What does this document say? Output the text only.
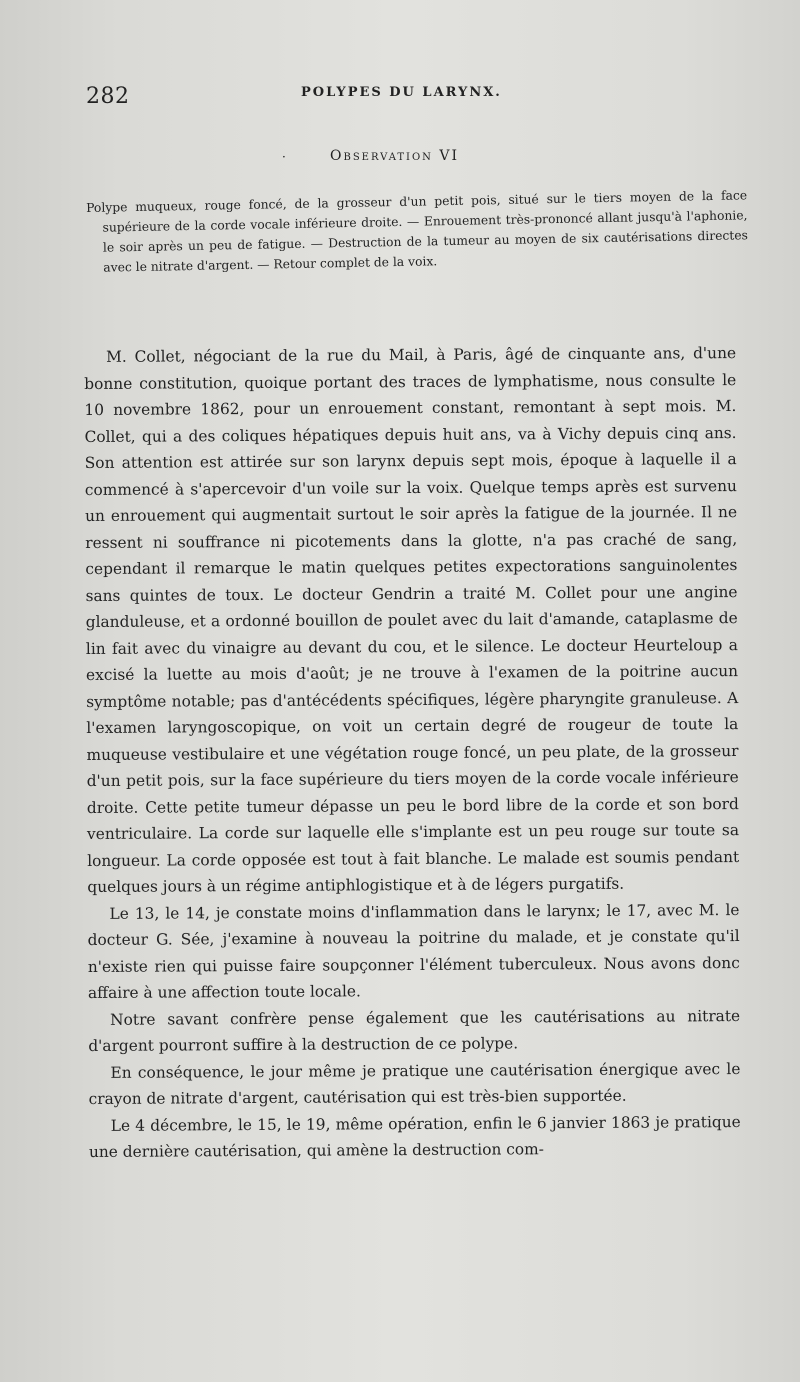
282	POLYPES DU LARYNX.
·	Observation VI
Polype muqueux, rouge foncé, de la grosseur d'un petit pois, situé sur le tiers moyen de la face supérieure de la corde vocale inférieure droite. — Enrouement très-prononcé allant jusqu'à l'aphonie, le soir après un peu de fatigue. — Destruction de la tumeur au moyen de six cautérisations directes avec le nitrate d'argent. — Retour complet de la voix.

M. Collet, négociant de la rue du Mail, à Paris, âgé de cinquante ans, d'une bonne constitution, quoique portant des traces de lymphatisme, nous consulte le 10 novembre 1862, pour un enrouement constant, remontant à sept mois. M. Collet, qui a des coliques hépatiques depuis huit ans, va à Vichy depuis cinq ans. Son attention est attirée sur son larynx depuis sept mois, époque à laquelle il a commencé à s'apercevoir d'un voile sur la voix. Quelque temps après est survenu un enrouement qui augmentait surtout le soir après la fatigue de la journée. Il ne ressent ni souffrance ni picotements dans la glotte, n'a pas craché de sang, cependant il remarque le matin quelques petites expectorations sanguinolentes sans quintes de toux. Le docteur Gendrin a traité M. Collet pour une angine glanduleuse, et a ordonné bouillon de poulet avec du lait d'amande, cataplasme de lin fait avec du vinaigre au devant du cou, et le silence. Le docteur Heurteloup a excisé la luette au mois d'août; je ne trouve à l'examen de la poitrine aucun symptôme notable; pas d'antécédents spécifiques, légère pharyngite granuleuse. A l'examen laryngoscopique, on voit un certain degré de rougeur de toute la muqueuse vestibulaire et une végétation rouge foncé, un peu plate, de la grosseur d'un petit pois, sur la face supérieure du tiers moyen de la corde vocale inférieure droite. Cette petite tumeur dépasse un peu le bord libre de la corde et son bord ventriculaire. La corde sur laquelle elle s'implante est un peu rouge sur toute sa longueur. La corde opposée est tout à fait blanche. Le malade est soumis pendant quelques jours à un régime antiphlogistique et à de légers purgatifs.

Le 13, le 14, je constate moins d'inflammation dans le larynx; le 17, avec M. le docteur G. Sée, j'examine à nouveau la poitrine du malade, et je constate qu'il n'existe rien qui puisse faire soupçonner l'élément tuberculeux. Nous avons donc affaire à une affection toute locale.

Notre savant confrère pense également que les cautérisations au nitrate d'argent pourront suffire à la destruction de ce polype.

En conséquence, le jour même je pratique une cautérisation énergique avec le crayon de nitrate d'argent, cautérisation qui est très-bien supportée.

Le 4 décembre, le 15, le 19, même opération, enfin le 6 janvier 1863 je pratique une dernière cautérisation, qui amène la destruction com-
